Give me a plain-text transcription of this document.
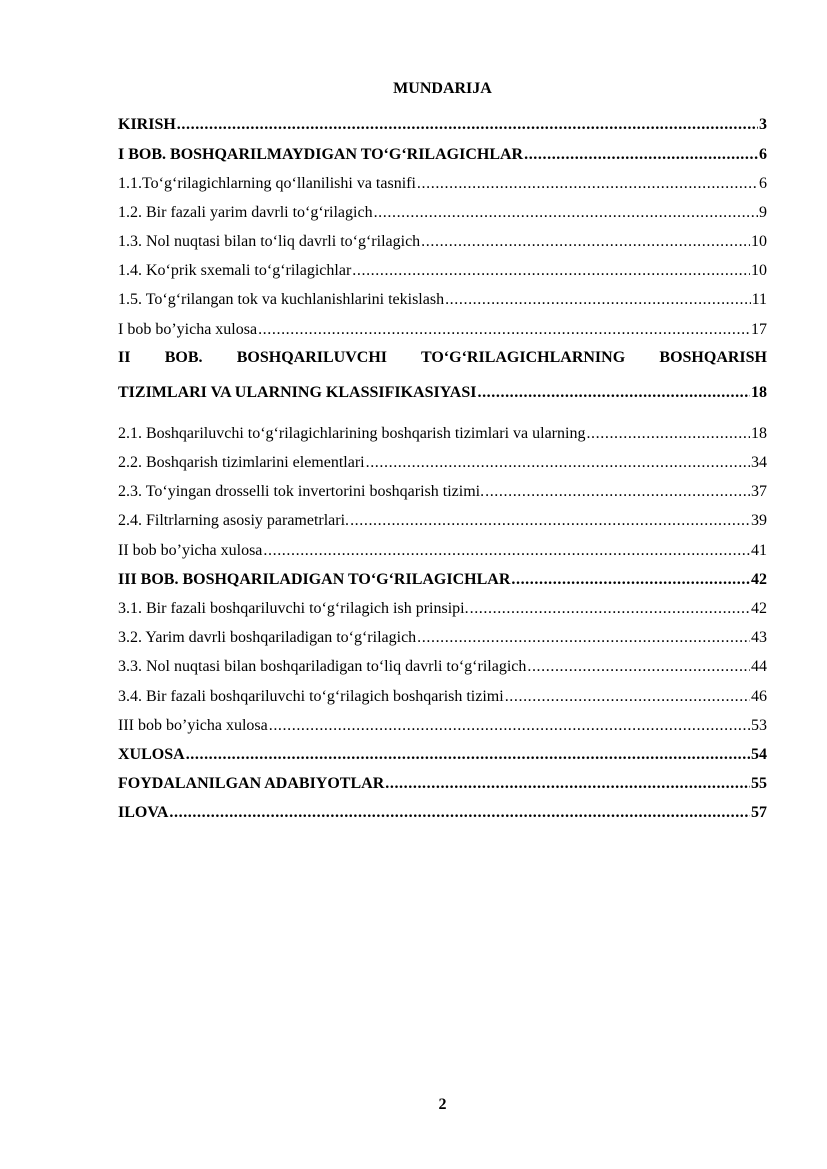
MUNDARIJA
KIRISH .....	3
I BOB. BOSHQARILMAYDIGAN TO‘G‘RILAGICHLAR .....	6
1.1.To‘g‘rilagichlarning qo‘llanilishi va tasnifi .....	6
1.2. Bir fazali yarim davrli to‘g‘rilagich .....	9
1.3. Nol nuqtasi bilan to‘liq davrli to‘g‘rilagich .....	10
1.4. Ko‘prik sxemali to‘g‘rilagichlar .....	10
1.5. To‘g‘rilangan tok va kuchlanishlarini tekislash .....	11
I bob bo’yicha xulosa .....	17
II BOB. BOSHQARILUVCHI TO‘G‘RILAGICHLARNING BOSHQARISH
TIZIMLARI VA ULARNING KLASSIFIKASIYASI .....	18
2.1. Boshqariluvchi to‘g‘rilagichlarining boshqarish tizimlari va ularning .....	18
2.2. Boshqarish tizimlarini elementlari .....	34
2.3. To‘yingan drosselli tok invertorini boshqarish tizimi. .....	37
2.4. Filtrlarning asosiy parametrlari. .....	39
II bob bo’yicha xulosa .....	41
III BOB. BOSHQARILADIGAN TO‘G‘RILAGICHLAR .....	42
3.1. Bir fazali boshqariluvchi to‘g‘rilagich ish prinsipi. .....	42
3.2. Yarim davrli boshqariladigan to‘g‘rilagich .....	43
3.3. Nol nuqtasi bilan boshqariladigan to‘liq davrli to‘g‘rilagich .....	44
3.4. Bir fazali boshqariluvchi to‘g‘rilagich boshqarish tizimi .....	46
III bob bo’yicha xulosa .....	53
XULOSA .....	54
FOYDALANILGAN ADABIYOTLAR .....	55
ILOVA .....	57
2
